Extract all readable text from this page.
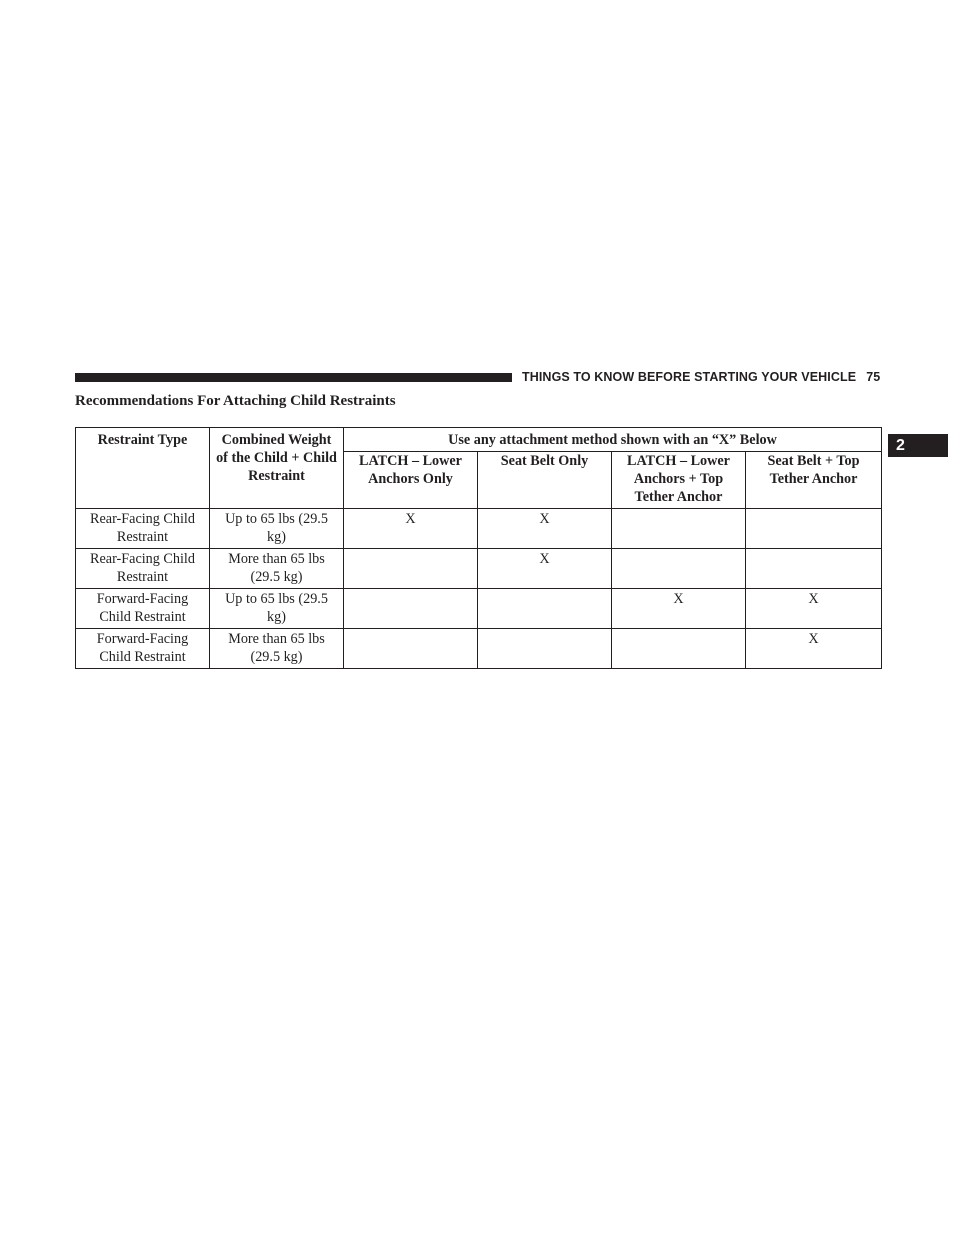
THINGS TO KNOW BEFORE STARTING YOUR VEHICLE 75
2
Recommendations For Attaching Child Restraints
Restraint Type	Combined Weight of the Child + Child Restraint	Use any attachment method shown with an “X” Below			
		LATCH – Lower Anchors Only	Seat Belt Only	LATCH – Lower Anchors + Top Tether Anchor	Seat Belt + Top Tether Anchor
Rear-Facing Child Restraint	Up to 65 lbs (29.5 kg)	X	X		
Rear-Facing Child Restraint	More than 65 lbs (29.5 kg)		X		
Forward-Facing Child Restraint	Up to 65 lbs (29.5 kg)			X	X
Forward-Facing Child Restraint	More than 65 lbs (29.5 kg)				X
